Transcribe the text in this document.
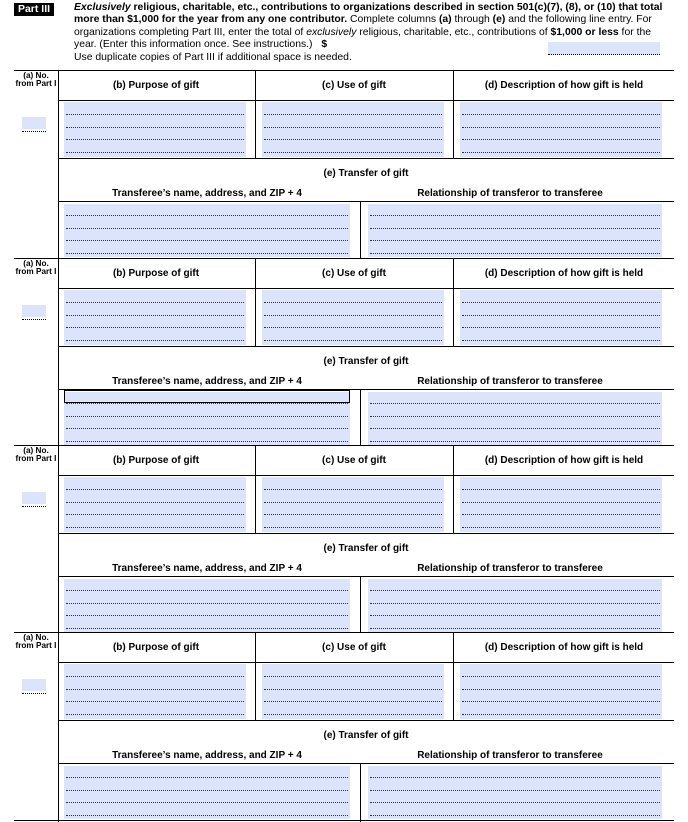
Part III	Exclusively religious, charitable, etc., contributions to organizations described in section 501(c)(7), (8), or (10) that total more than $1,000 for the year from any one contributor. Complete columns (a) through (e) and the following line entry. For organizations completing Part III, enter the total of exclusively religious, charitable, etc., contributions of $1,000 or less for the year. (Enter this information once. See instructions.) $
Use duplicate copies of Part III if additional space is needed.
(a) No. from Part I	(b) Purpose of gift	(c) Use of gift	(d) Description of how gift is held
(e) Transfer of gift
Transferee’s name, address, and ZIP + 4	Relationship of transferor to transferee
(a) No. from Part I	(b) Purpose of gift	(c) Use of gift	(d) Description of how gift is held
(e) Transfer of gift
Transferee’s name, address, and ZIP + 4	Relationship of transferor to transferee
(a) No. from Part I	(b) Purpose of gift	(c) Use of gift	(d) Description of how gift is held
(e) Transfer of gift
Transferee’s name, address, and ZIP + 4	Relationship of transferor to transferee
(a) No. from Part I	(b) Purpose of gift	(c) Use of gift	(d) Description of how gift is held
(e) Transfer of gift
Transferee’s name, address, and ZIP + 4	Relationship of transferor to transferee
